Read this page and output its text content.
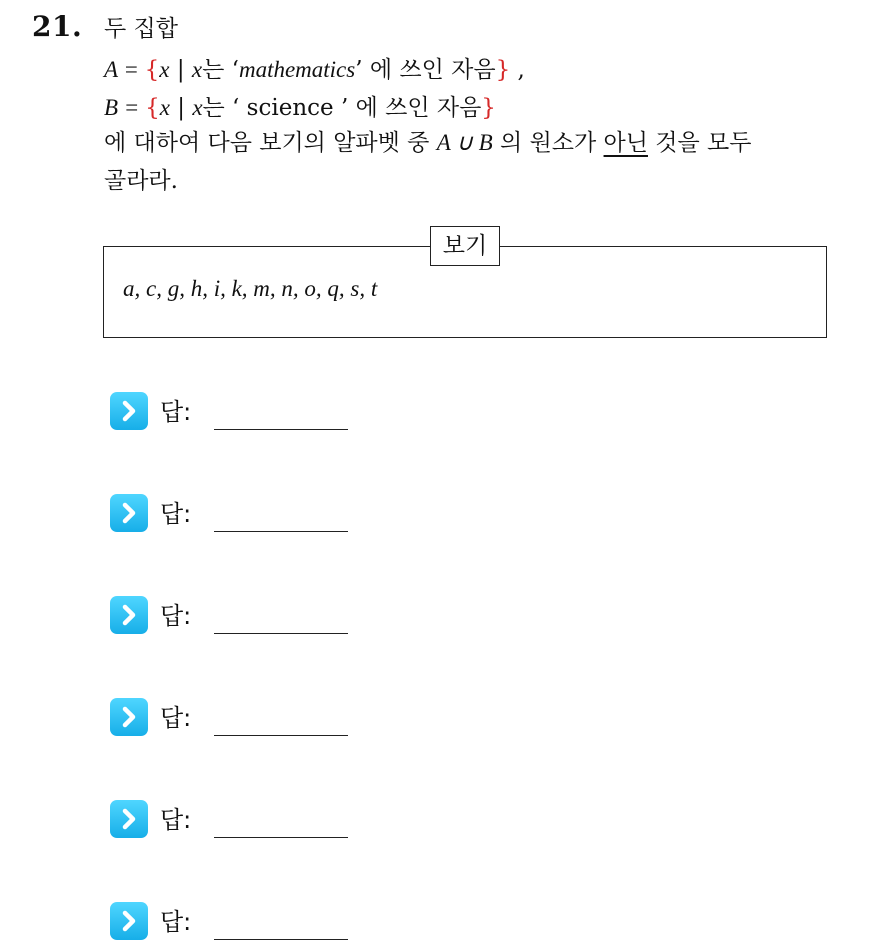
21. 두 집합
A = {x | x는 ‘mathematics’ 에 쓰인 자음} ,
B = {x | x는 ‘ science ’ 에 쓰인 자음}
에 대하여 다음 보기의 알파벳 중 A ∪ B 의 원소가 아닌 것을 모두
골라라.
보기
a, c, g, h, i, k, m, n, o, q, s, t
답:
답:
답:
답:
답:
답:
